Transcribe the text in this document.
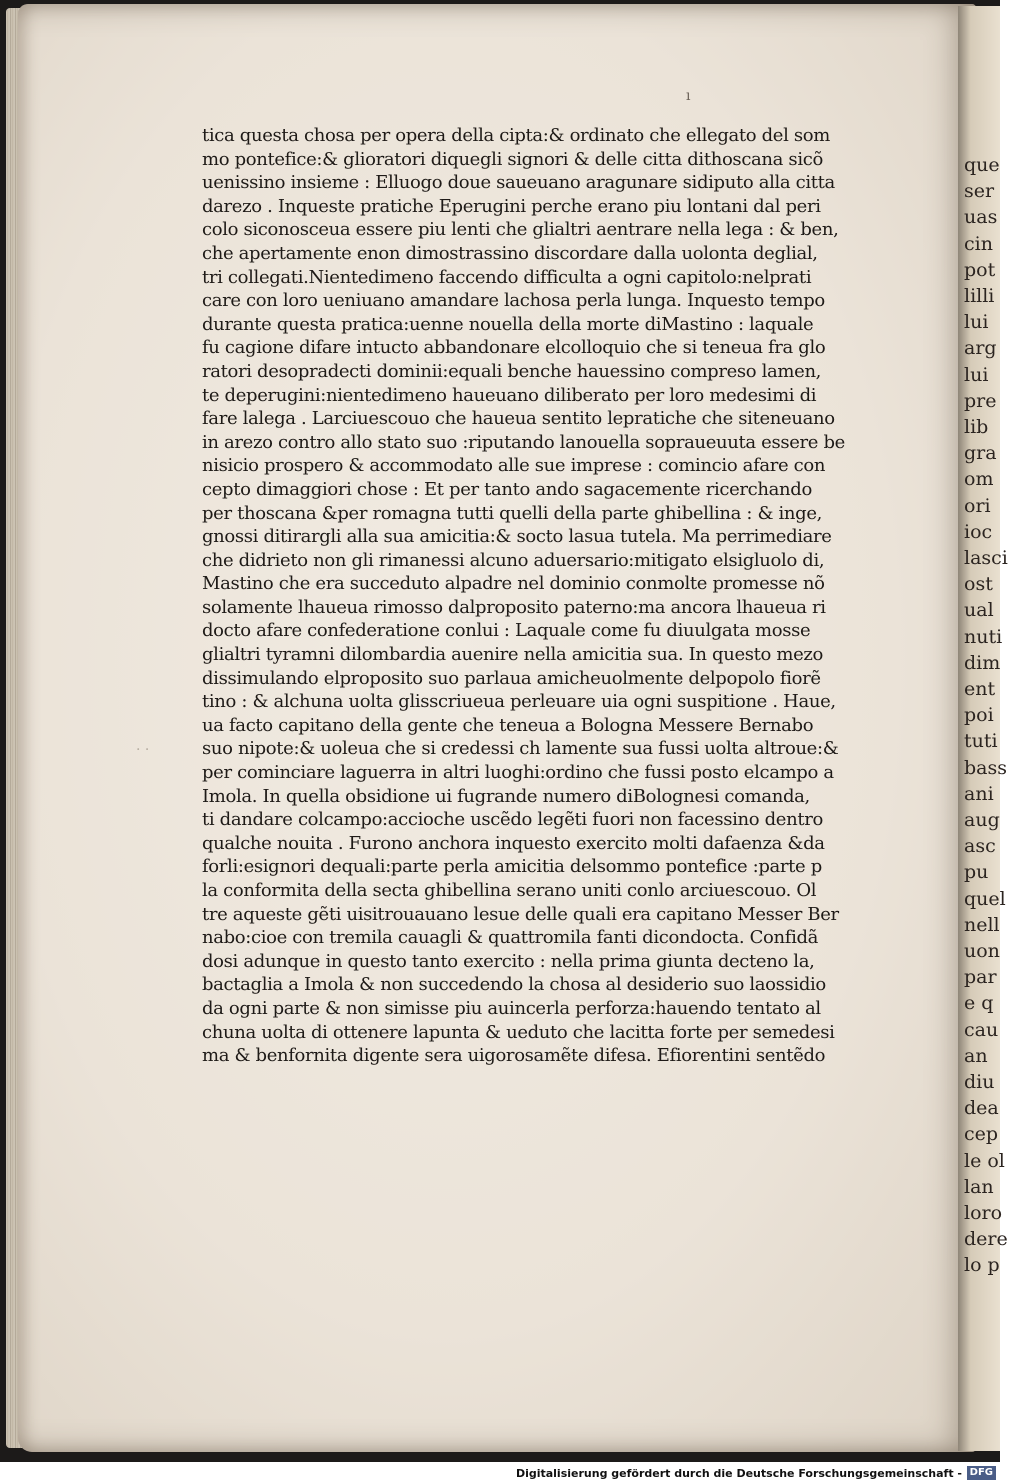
ı
· ·
que
ser
uas
cin
pot
lilli
lui
arg
lui
pre
lib
gra
om
ori
ioc
lasci
ost
ual
nuti
dim
ent
poi
tuti
bass
ani
aug
asc
pu
quel
nell
uon
par
e q
cau
an
diu
dea
cep
le ol
lan
loro
dere
lo p
tica questa chosa per opera della cipta:& ordinato che ellegato del som
mo pontefice:& glioratori diquegli signori & delle citta dithoscana sicõ
uenissino insieme : Elluogo doue saueuano aragunare sidiputo alla citta
darezo . Inqueste pratiche Eperugini perche erano piu lontani dal peri
colo siconosceua essere piu lenti che glialtri aentrare nella lega : & ben,
che apertamente enon dimostrassino discordare dalla uolonta deglial,
tri collegati.Nientedimeno faccendo difficulta a ogni capitolo:nelprati
care con loro ueniuano amandare lachosa perla lunga. Inquesto tempo
durante questa pratica:uenne nouella della morte diMastino : laquale
fu cagione difare intucto abbandonare elcolloquio che si teneua fra glo
ratori desopradecti dominii:equali benche hauessino compreso lamen,
te deperugini:nientedimeno haueuano diliberato per loro medesimi di
fare lalega . Larciuescouo che haueua sentito lepratiche che siteneuano
in arezo contro allo stato suo :riputando lanouella sopraueuuta essere be
nisicio prospero & accommodato alle sue imprese : comincio afare con
cepto dimaggiori chose : Et per tanto ando sagacemente ricerchando
per thoscana &per romagna tutti quelli della parte ghibellina : & inge,
gnossi ditirargli alla sua amicitia:& socto lasua tutela. Ma perrimediare
che didrieto non gli rimanessi alcuno aduersario:mitigato elsigluolo di,
Mastino che era succeduto alpadre nel dominio conmolte promesse nõ
solamente lhaueua rimosso dalproposito paterno:ma ancora lhaueua ri
docto afare confederatione conlui : Laquale come fu diuulgata mosse
glialtri tyramni dilombardia auenire nella amicitia sua. In questo mezo
dissimulando elproposito suo parlaua amicheuolmente delpopolo fiorẽ
tino : & alchuna uolta glisscriueua perleuare uia ogni suspitione . Haue,
ua facto capitano della gente che teneua a Bologna Messere Bernabo
suo nipote:& uoleua che si credessi ch lamente sua fussi uolta altroue:&
per cominciare laguerra in altri luoghi:ordino che fussi posto elcampo a
Imola. In quella obsidione ui fugrande numero diBolognesi comanda,
ti dandare colcampo:accioche uscẽdo legẽti fuori non facessino dentro
qualche nouita . Furono anchora inquesto exercito molti dafaenza &da
forli:esignori dequali:parte perla amicitia delsommo pontefice :parte p
la conformita della secta ghibellina serano uniti conlo arciuescouo. Ol
tre aqueste gẽti uisitrouauano lesue delle quali era capitano Messer Ber
nabo:cioe con tremila cauagli & quattromila fanti dicondocta. Confidã
dosi adunque in questo tanto exercito : nella prima giunta decteno la,
bactaglia a Imola & non succedendo la chosa al desiderio suo laossidio
da ogni parte & non simisse piu auincerla perforza:hauendo tentato al
chuna uolta di ottenere lapunta & ueduto che lacitta forte per semedesi
ma & benfornita digente sera uigorosamẽte difesa. Efiorentini sentẽdo
Digitalisierung gefördert durch die Deutsche Forschungsgemeinschaft - DFG
